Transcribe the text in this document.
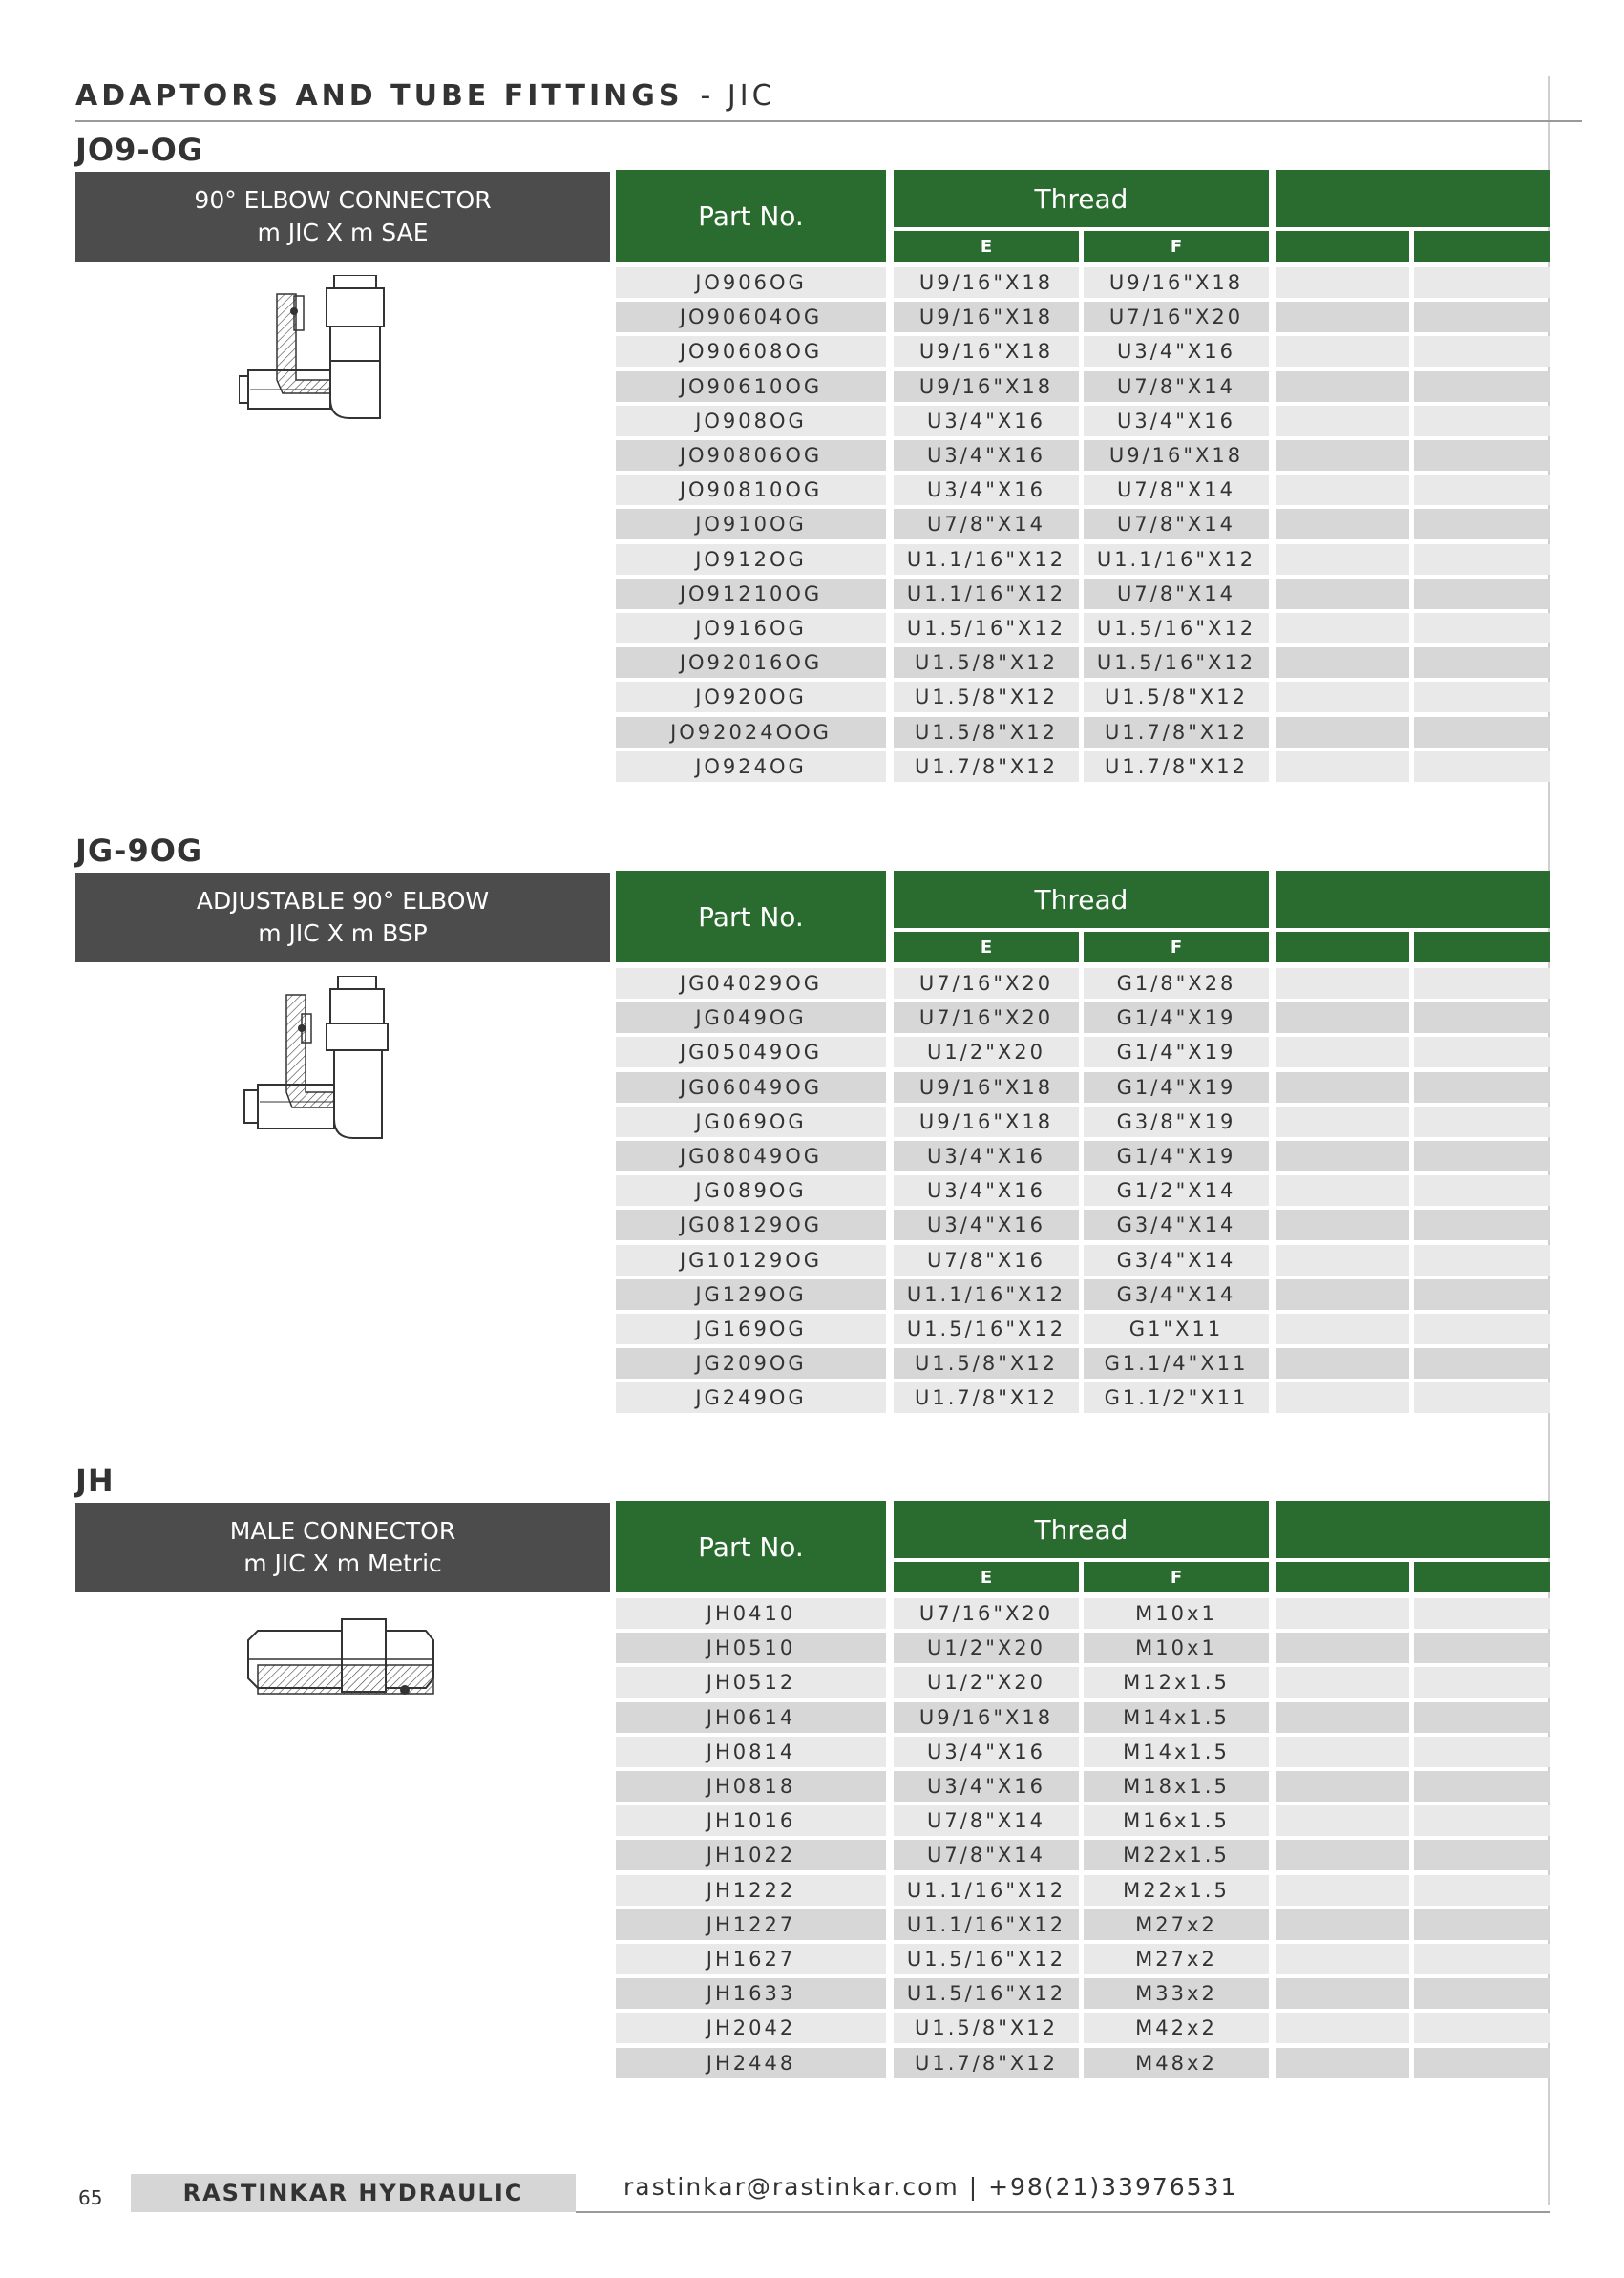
ADAPTORS AND TUBE FITTINGS - JIC
JO9-OG
90° ELBOW CONNECTOR
m JIC X m SAE
Part No.
Thread
E	F
JO906OG	U9/16"X18	U9/16"X18
JO90604OG	U9/16"X18	U7/16"X20
JO90608OG	U9/16"X18	U3/4"X16
JO90610OG	U9/16"X18	U7/8"X14
JO908OG	U3/4"X16	U3/4"X16
JO90806OG	U3/4"X16	U9/16"X18
JO90810OG	U3/4"X16	U7/8"X14
JO910OG	U7/8"X14	U7/8"X14
JO912OG	U1.1/16"X12	U1.1/16"X12
JO91210OG	U1.1/16"X12	U7/8"X14
JO916OG	U1.5/16"X12	U1.5/16"X12
JO92016OG	U1.5/8"X12	U1.5/16"X12
JO920OG	U1.5/8"X12	U1.5/8"X12
JO92024OOG	U1.5/8"X12	U1.7/8"X12
JO924OG	U1.7/8"X12	U1.7/8"X12
JG-9OG
ADJUSTABLE 90° ELBOW
m JIC X m BSP
Part No.
Thread
E	F
JG04029OG	U7/16"X20	G1/8"X28
JG049OG	U7/16"X20	G1/4"X19
JG05049OG	U1/2"X20	G1/4"X19
JG06049OG	U9/16"X18	G1/4"X19
JG069OG	U9/16"X18	G3/8"X19
JG08049OG	U3/4"X16	G1/4"X19
JG089OG	U3/4"X16	G1/2"X14
JG08129OG	U3/4"X16	G3/4"X14
JG10129OG	U7/8"X16	G3/4"X14
JG129OG	U1.1/16"X12	G3/4"X14
JG169OG	U1.5/16"X12	G1"X11
JG209OG	U1.5/8"X12	G1.1/4"X11
JG249OG	U1.7/8"X12	G1.1/2"X11
JH
MALE CONNECTOR
m JIC X m Metric
Part No.
Thread
E	F
JH0410	U7/16"X20	M10x1
JH0510	U1/2"X20	M10x1
JH0512	U1/2"X20	M12x1.5
JH0614	U9/16"X18	M14x1.5
JH0814	U3/4"X16	M14x1.5
JH0818	U3/4"X16	M18x1.5
JH1016	U7/8"X14	M16x1.5
JH1022	U7/8"X14	M22x1.5
JH1222	U1.1/16"X12	M22x1.5
JH1227	U1.1/16"X12	M27x2
JH1627	U1.5/16"X12	M27x2
JH1633	U1.5/16"X12	M33x2
JH2042	U1.5/8"X12	M42x2
JH2448	U1.7/8"X12	M48x2
65	RASTINKAR HYDRAULIC	rastinkar@rastinkar.com | +98(21)33976531
